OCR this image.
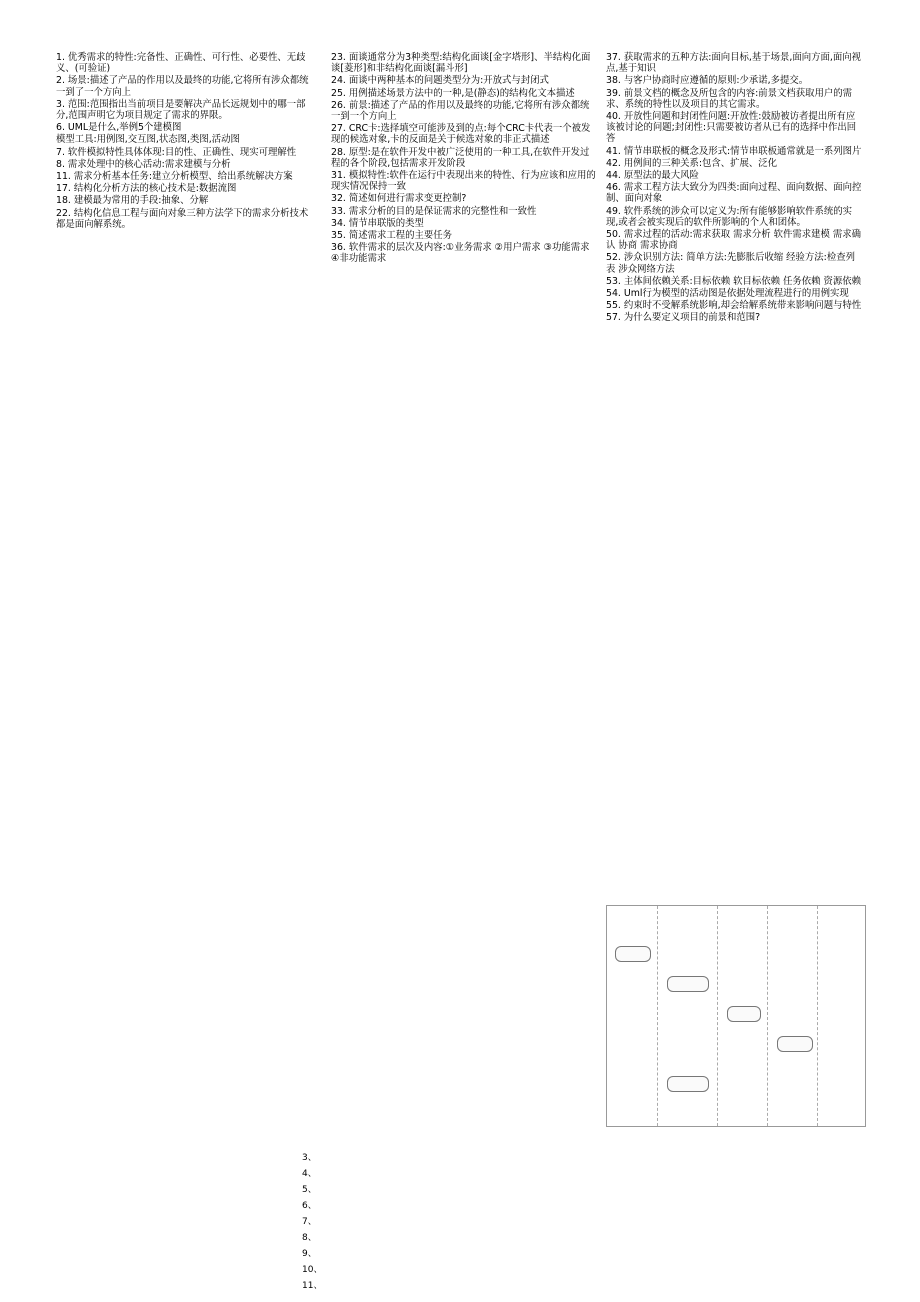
1. 优秀需求的特性:完备性、正确性、可行性、必要性、无歧义、(可验证)

2. 场景:描述了产品的作用以及最终的功能,它将所有涉众都统一到了一个方向上

3. 范围:范围指出当前项目是要解决产品长远规划中的哪一部分,范围声明它为项目规定了需求的界限。

6. UML是什么,举例5个建模图

模型工具:用例图,交互图,状态图,类图,活动图

7. 软件模拟特性具体体现:目的性、正确性、现实可理解性

8. 需求处理中的核心活动:需求建模与分析

11. 需求分析基本任务:建立分析模型、给出系统解决方案

17. 结构化分析方法的核心技术是:数据流图

18. 建模最为常用的手段:抽象、分解

22. 结构化信息工程与面向对象三种方法学下的需求分析技术都是面向解系统。

23. 面谈通常分为3种类型:结构化面谈[金字塔形]、半结构化面谈[菱形]和非结构化面谈[漏斗形]

24. 面谈中两种基本的问题类型分为:开放式与封闭式

25. 用例描述场景方法中的一种,是(静态)的结构化文本描述

26. 前景:描述了产品的作用以及最终的功能,它将所有涉众都统一到一个方向上

27. CRC卡:选择填空可能涉及到的点:每个CRC卡代表一个被发现的候选对象,卡的反面是关于候选对象的非正式描述

28. 原型:是在软件开发中被广泛使用的一种工具,在软件开发过程的各个阶段,包括需求开发阶段

31. 模拟特性:软件在运行中表现出来的特性、行为应该和应用的现实情况保持一致

32. 简述如何进行需求变更控制?

33. 需求分析的目的是保证需求的完整性和一致性

34. 情节串联版的类型

35. 简述需求工程的主要任务

36. 软件需求的层次及内容:①业务需求 ②用户需求 ③功能需求 ④非功能需求

37. 获取需求的五种方法:面向目标,基于场景,面向方面,面向视点,基于知识

38. 与客户协商时应遵循的原则:少承诺,多提交。

39. 前景文档的概念及所包含的内容:前景文档获取用户的需求、系统的特性以及项目的其它需求。

40. 开放性问题和封闭性问题:开放性:鼓励被访者提出所有应该被讨论的问题;封闭性:只需要被访者从已有的选择中作出回答

41. 情节串联板的概念及形式:情节串联板通常就是一系列图片

42. 用例间的三种关系:包含、扩展、泛化

44. 原型法的最大风险

46. 需求工程方法大致分为四类:面向过程、面向数据、面向控制、面向对象

49. 软件系统的涉众可以定义为:所有能够影响软件系统的实现,或者会被实现后的软件所影响的个人和团体。

50. 需求过程的活动:需求获取 需求分析 软件需求建模 需求确认 协商 需求协商

52. 涉众识别方法: 简单方法:先膨胀后收缩 经验方法:检查列表 涉众网络方法

53. 主体间依赖关系:目标依赖 软目标依赖 任务依赖 资源依赖

54. Uml行为模型的活动图是依据处理流程进行的用例实现

55. 约束时不受解系统影响,却会给解系统带来影响问题与特性

57. 为什么要定义项目的前景和范围?

3、
4、
5、
6、
7、
8、
9、
10、
11、
